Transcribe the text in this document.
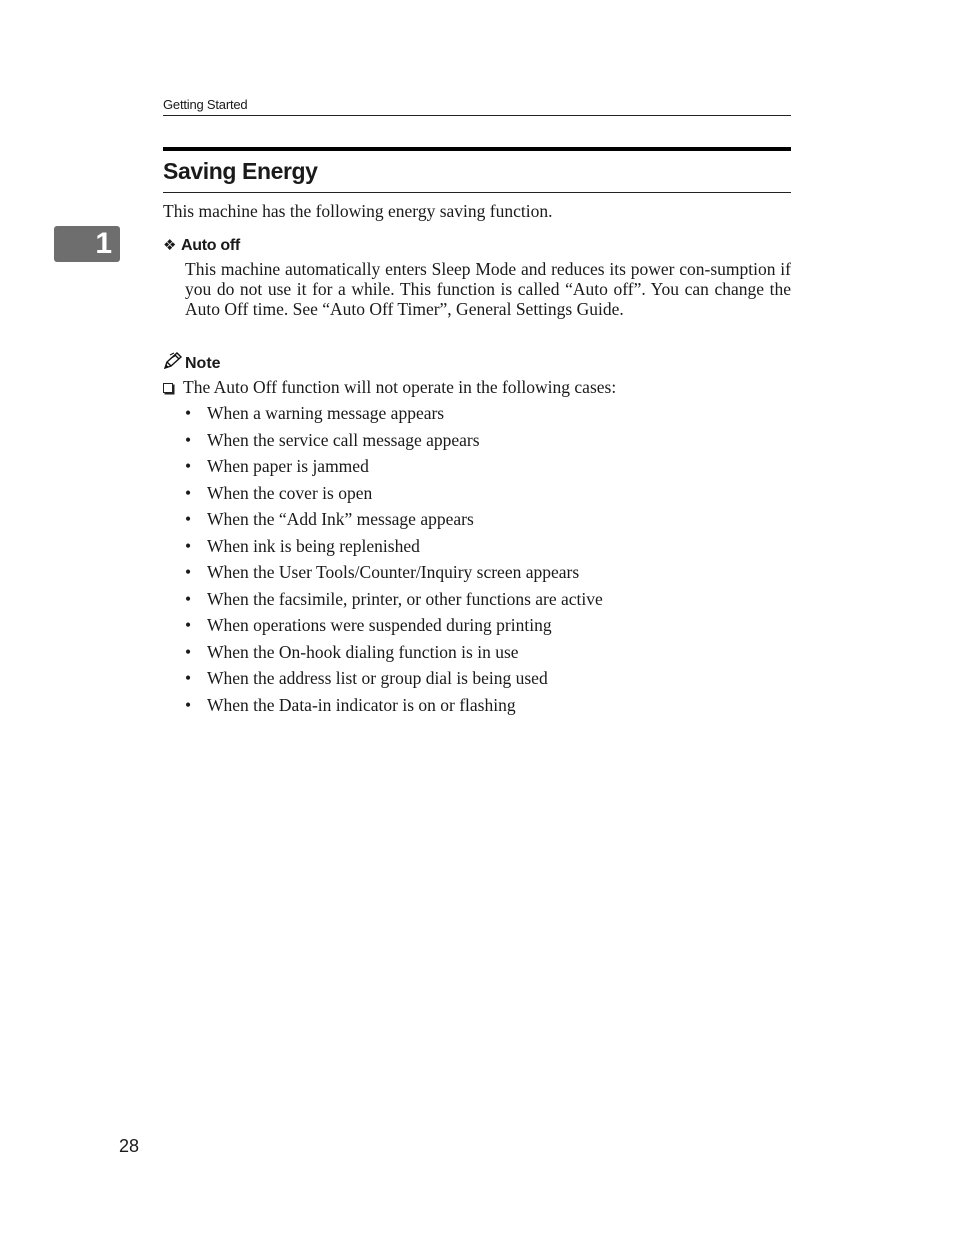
Getting Started
Saving Energy
1
This machine has the following energy saving function.
❖ Auto off

This machine automatically enters Sleep Mode and reduces its power con-sumption if you do not use it for a while. This function is called “Auto off”. You can change the Auto Off time. See “Auto Off Timer”, General Settings Guide.

Note
The Auto Off function will not operate in the following cases:
• When a warning message appears
• When the service call message appears
• When paper is jammed
• When the cover is open
• When the “Add Ink” message appears
• When ink is being replenished
• When the User Tools/Counter/Inquiry screen appears
• When the facsimile, printer, or other functions are active
• When operations were suspended during printing
• When the On-hook dialing function is in use
• When the address list or group dial is being used
• When the Data-in indicator is on or flashing
28
